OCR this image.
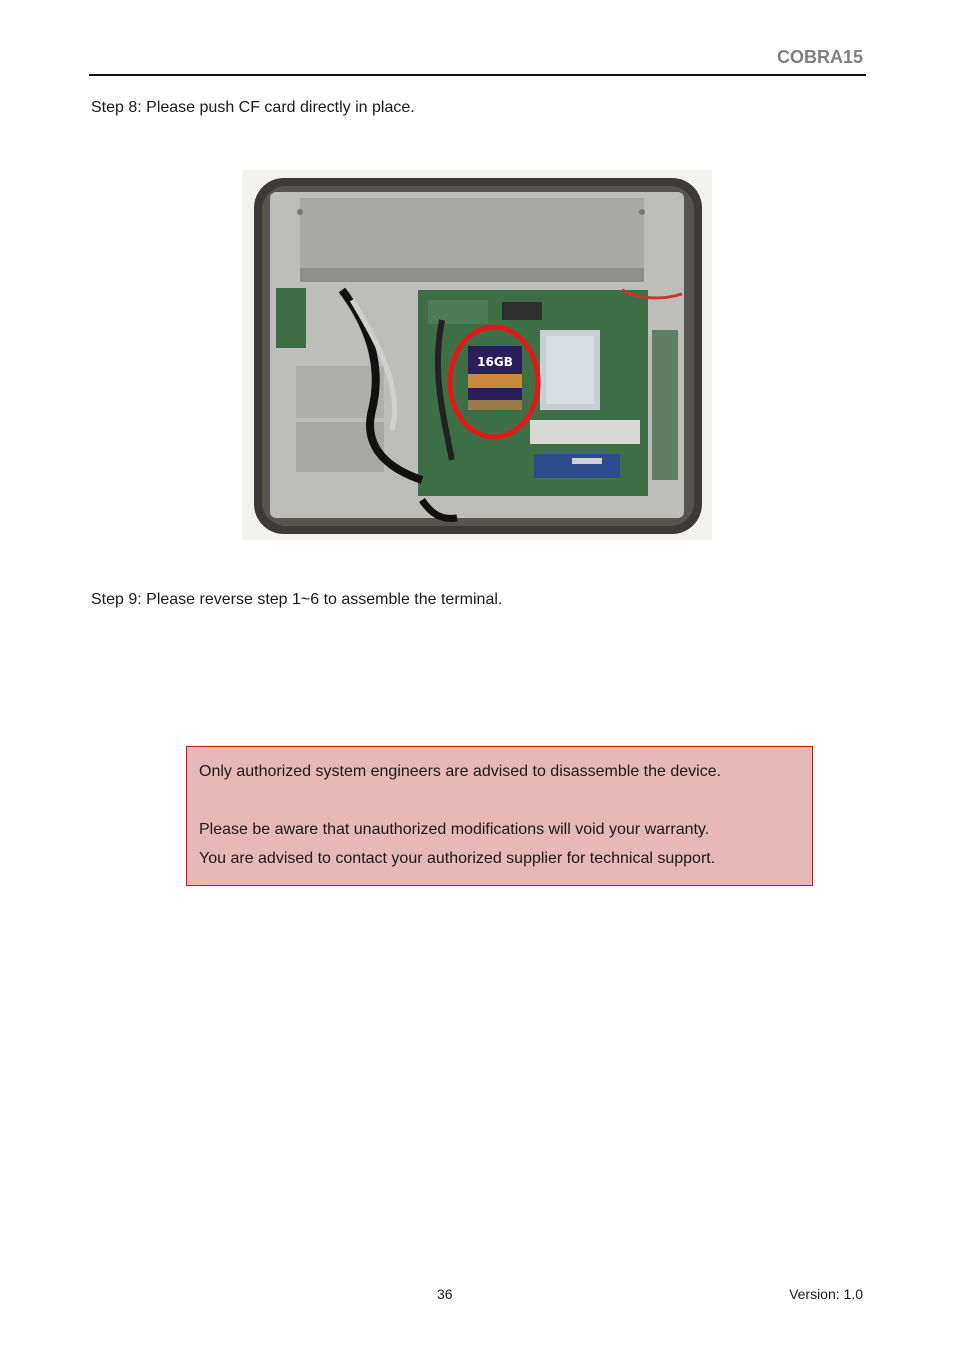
COBRA15
Step 8: Please push CF card directly in place.
16GB
Step 9: Please reverse step 1~6 to assemble the terminal.

Only authorized system engineers are advised to disassemble the device.

Please be aware that unauthorized modifications will void your warranty.

You are advised to contact your authorized supplier for technical support.

36	Version: 1.0
